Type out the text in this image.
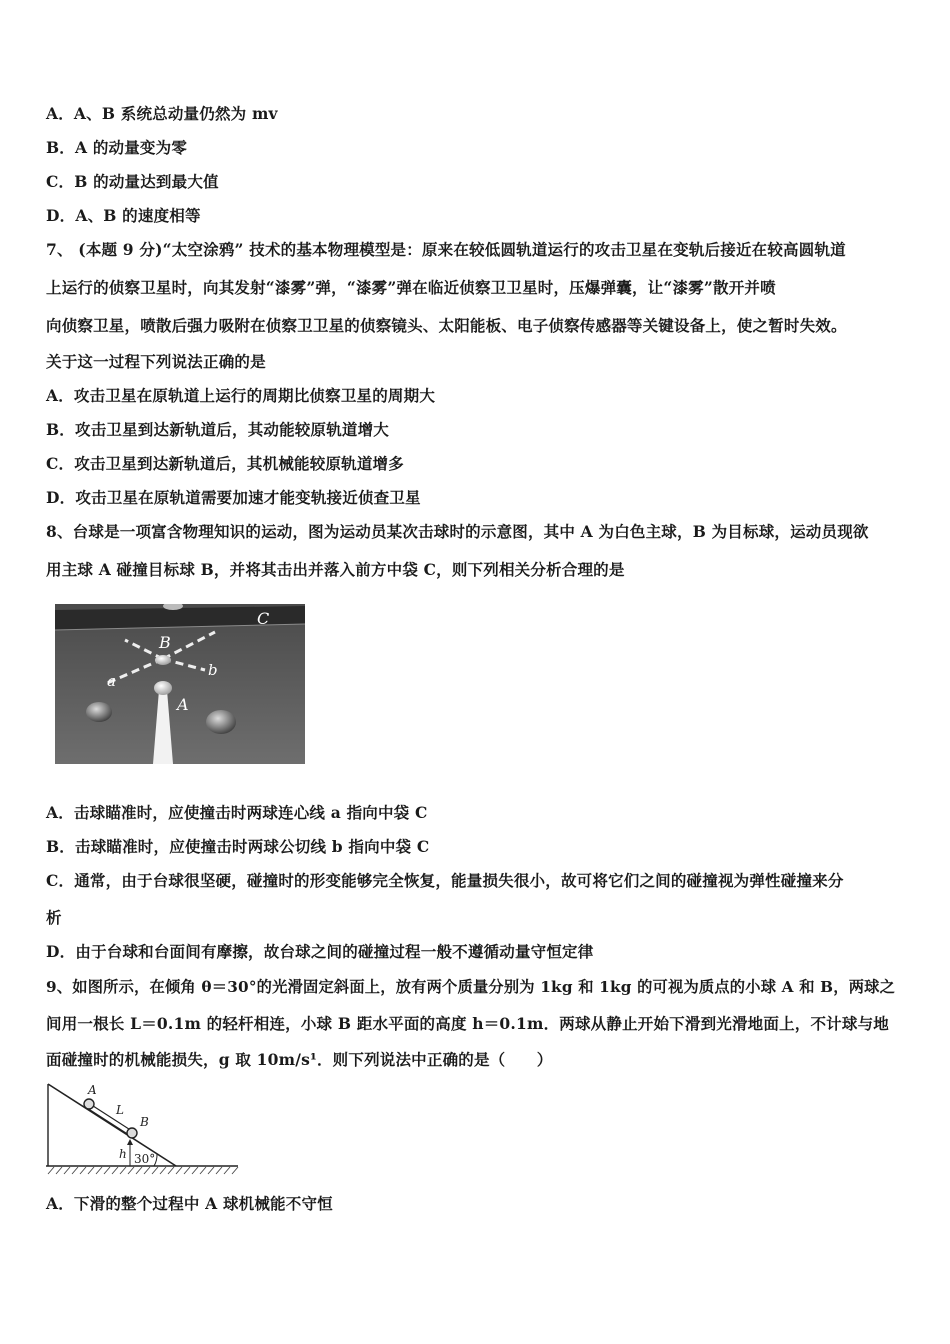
A．A、B 系统总动量仍然为 mv
B．A 的动量变为零
C．B 的动量达到最大值
D．A、B 的速度相等
7、 (本题 9 分)“太空涂鸦” 技术的基本物理模型是：原来在较低圆轨道运行的攻击卫星在变轨后接近在较高圆轨道
上运行的侦察卫星时，向其发射“漆雾”弹，“漆雾”弹在临近侦察卫卫星时，压爆弹囊，让“漆雾”散开并喷
向侦察卫星，喷散后强力吸附在侦察卫卫星的侦察镜头、太阳能板、电子侦察传感器等关键设备上，使之暂时失效。
关于这一过程下列说法正确的是
A．攻击卫星在原轨道上运行的周期比侦察卫星的周期大
B．攻击卫星到达新轨道后，其动能较原轨道增大
C．攻击卫星到达新轨道后，其机械能较原轨道增多
D．攻击卫星在原轨道需要加速才能变轨接近侦查卫星
8、台球是一项富含物理知识的运动，图为运动员某次击球时的示意图，其中 A 为白色主球，B 为目标球，运动员现欲
用主球 A 碰撞目标球 B，并将其击出并落入前方中袋 C，则下列相关分析合理的是
B
A
C
a
b
A．击球瞄准时，应使撞击时两球连心线 a 指向中袋 C
B．击球瞄准时，应使撞击时两球公切线 b 指向中袋 C
C．通常，由于台球很坚硬，碰撞时的形变能够完全恢复，能量损失很小，故可将它们之间的碰撞视为弹性碰撞来分
析
D．由于台球和台面间有摩擦，故台球之间的碰撞过程一般不遵循动量守恒定律
9、如图所示，在倾角 θ＝30°的光滑固定斜面上，放有两个质量分别为 1kg 和 1kg 的可视为质点的小球 A 和 B，两球之
间用一根长 L＝0.1m 的轻杆相连，小球 B 距水平面的高度 h＝0.1m．两球从静止开始下滑到光滑地面上，不计球与地
面碰撞时的机械能损失，g 取 10m/s¹．则下列说法中正确的是（　　）
A
B
L
h 30°
A．下滑的整个过程中 A 球机械能不守恒
